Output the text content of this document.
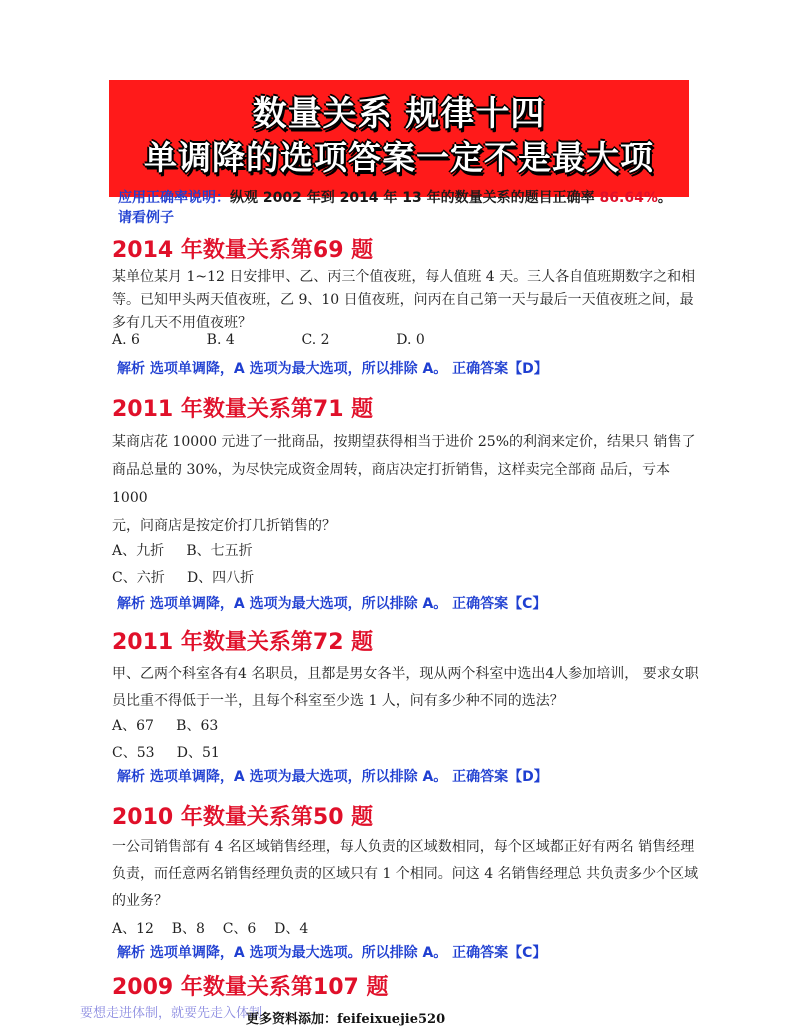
数量关系 规律十四
单调降的选项答案一定不是最大项
应用正确率说明：纵观 2002 年到 2014 年 13 年的数量关系的题目正确率 86.64%。
请看例子
2014 年数量关系第69 题

某单位某月 1~12 日安排甲、乙、丙三个值夜班，每人值班 4 天。三人各自值班期数字之和相等。已知甲头两天值夜班，乙 9、10 日值夜班，问丙在自己第一天与最后一天值夜班之间，最多有几天不用值夜班？

A. 6               B. 4               C. 2               D. 0
解析 选项单调降，A 选项为最大选项，所以排除 A。 正确答案【D】
2011 年数量关系第71 题

某商店花 10000 元进了一批商品，按期望获得相当于进价 25%的利润来定价，结果只 销售了商品总量的 30%，为尽快完成资金周转，商店决定打折销售，这样卖完全部商 品后，亏本 1000

元，问商店是按定价打几折销售的？

A、九折     B、七五折
C、六折     D、四八折
解析 选项单调降，A 选项为最大选项，所以排除 A。 正确答案【C】
2011 年数量关系第72 题

甲、乙两个科室各有4 名职员，且都是男女各半，现从两个科室中选出4人参加培训， 要求女职员比重不得低于一半，且每个科室至少选 1 人，问有多少种不同的选法？

A、67     B、63
C、53     D、51
解析 选项单调降，A 选项为最大选项，所以排除 A。 正确答案【D】
2010 年数量关系第50 题

一公司销售部有 4 名区域销售经理，每人负责的区域数相同，每个区域都正好有两名 销售经理负责，而任意两名销售经理负责的区域只有 1 个相同。问这 4 名销售经理总 共负责多少个区域的业务？

A、12    B、8    C、6    D、4
解析 选项单调降，A 选项为最大选项。所以排除 A。 正确答案【C】
2009 年数量关系第107 题
要想走进体制，就要先走入体制
更多资料添加：feifeixuejie520
